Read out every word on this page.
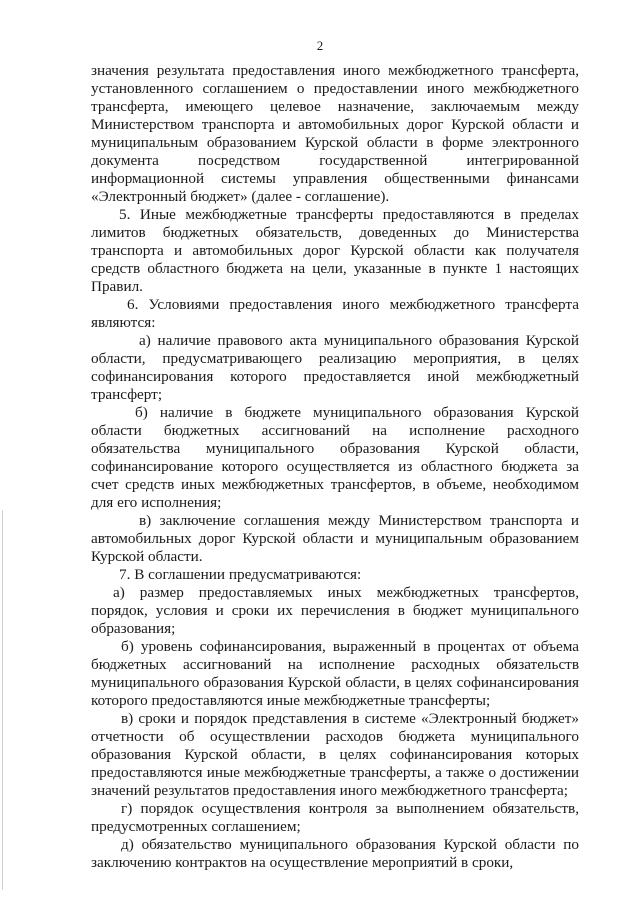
2

значения результата предоставления иного межбюджетного трансферта, установленного соглашением о предоставлении иного межбюджетного трансферта, имеющего целевое назначение, заключаемым между Министерством транспорта и автомобильных дорог Курской области и муниципальным образованием Курской области в форме электронного документа посредством государственной интегрированной информационной системы управления общественными финансами «Электронный бюджет» (далее - соглашение).

5. Иные межбюджетные трансферты предоставляются в пределах лимитов бюджетных обязательств, доведенных до Министерства транспорта и автомобильных дорог Курской области как получателя средств областного бюджета на цели, указанные в пункте 1 настоящих Правил.

6. Условиями предоставления иного межбюджетного трансферта являются:

а) наличие правового акта муниципального образования Курской области, предусматривающего реализацию мероприятия, в целях софинансирования которого предоставляется иной межбюджетный трансферт;

б) наличие в бюджете муниципального образования Курской области бюджетных ассигнований на исполнение расходного обязательства муниципального образования Курской области, софинансирование которого осуществляется из областного бюджета за счет средств иных межбюджетных трансфертов, в объеме, необходимом для его исполнения;

в) заключение соглашения между Министерством транспорта и автомобильных дорог Курской области и муниципальным образованием Курской области.

7. В соглашении предусматриваются:

а) размер предоставляемых иных межбюджетных трансфертов, порядок, условия и сроки их перечисления в бюджет муниципального образования;

б) уровень софинансирования, выраженный в процентах от объема бюджетных ассигнований на исполнение расходных обязательств муниципального образования Курской области, в целях софинансирования которого предоставляются иные межбюджетные трансферты;

в) сроки и порядок представления в системе «Электронный бюджет» отчетности об осуществлении расходов бюджета муниципального образования Курской области, в целях софинансирования которых предоставляются иные межбюджетные трансферты, а также о достижении значений результатов предоставления иного межбюджетного трансферта;

г) порядок осуществления контроля за выполнением обязательств, предусмотренных соглашением;

д) обязательство муниципального образования Курской области по заключению контрактов на осуществление мероприятий в сроки,
